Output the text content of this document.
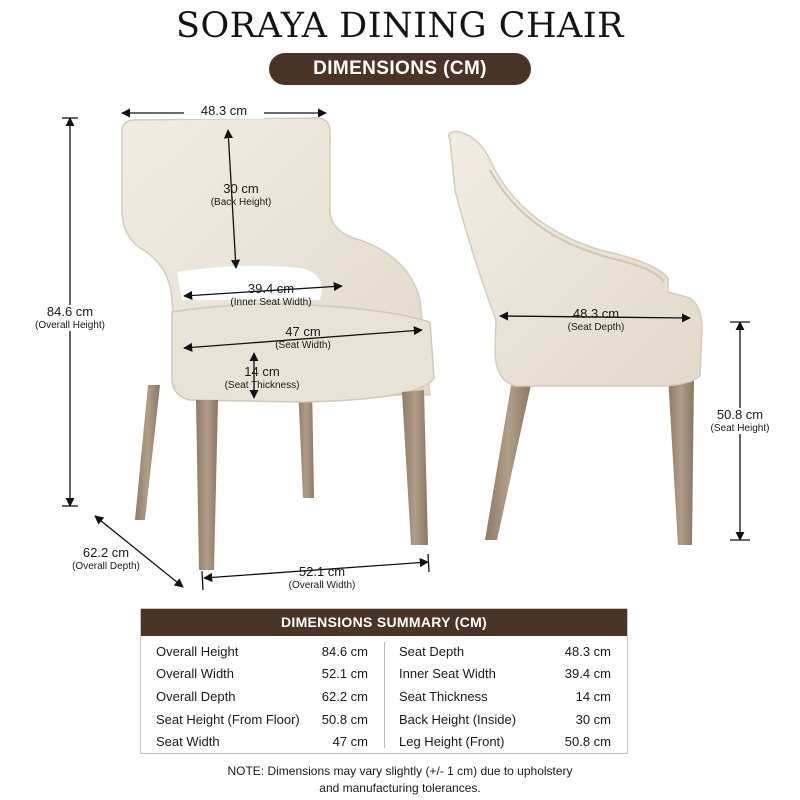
SORAYA DINING CHAIR
DIMENSIONS (CM)
48.3 cm
30 cm
(Back Height)
39.4 cm
(Inner Seat Width)
47 cm
(Seat Width)
14 cm
(Seat Thickness)
84.6 cm
(Overall Height)
62.2 cm
(Overall Depth)	52.1 cm
(Overall Width)
48.3 cm
(Seat Depth)
50.8 cm
(Seat Height)
DIMENSIONS SUMMARY (CM)
Overall Height	84.6 cm
Overall Width	52.1 cm
Overall Depth	62.2 cm
Seat Height (From Floor) 50.8 cm
Seat Width	47 cm
Seat Depth	48.3 cm
Inner Seat Width	39.4 cm
Seat Thickness	14 cm
Back Height (Inside)	30 cm
Leg Height (Front)	50.8 cm
NOTE: Dimensions may vary slightly (+/- 1 cm) due to upholstery
and manufacturing tolerances.
